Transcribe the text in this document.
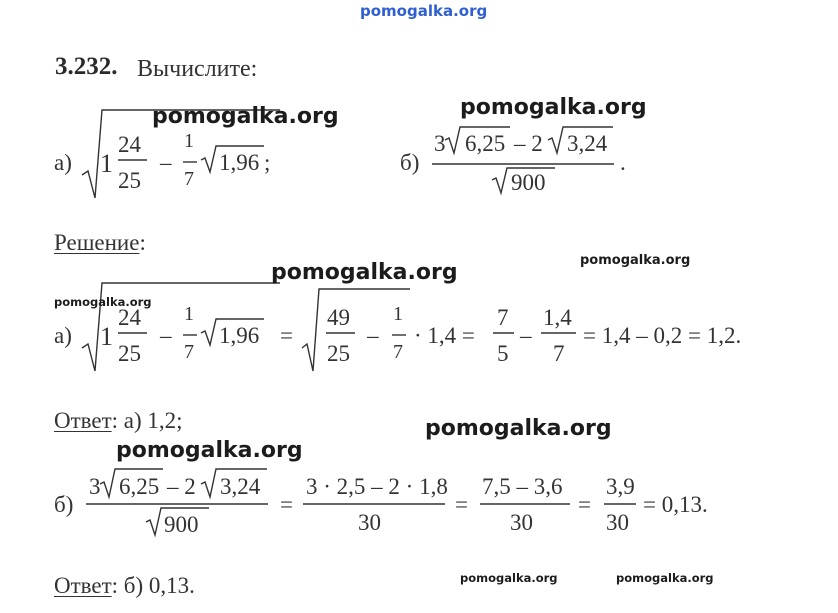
pomogalka.org
3.232. Вычислите:
а) 1
24
25
–
1
7
1,96 ;	б)
3 6,25 – 2 3,24
900
.
Решение:
а) 1
24
25
–
1
7
1,96 =
49
25
–
1
7
· 1,4 =
7
5
–
1,4
7
= 1,4 – 0,2 = 1,2.
Ответ: а) 1,2;
б)
3 6,25 – 2 3,24
900
=
3 · 2,5 – 2 · 1,8
30
=
7,5 – 3,6
30
=
3,9
30
= 0,13.
Ответ: б) 0,13.
pomogalka.org	pomogalka.org
pomogalka.org	pomogalka.org
pomogalka.org
pomogalka.org
pomogalka.org
pomogalka.org	pomogalka.org
